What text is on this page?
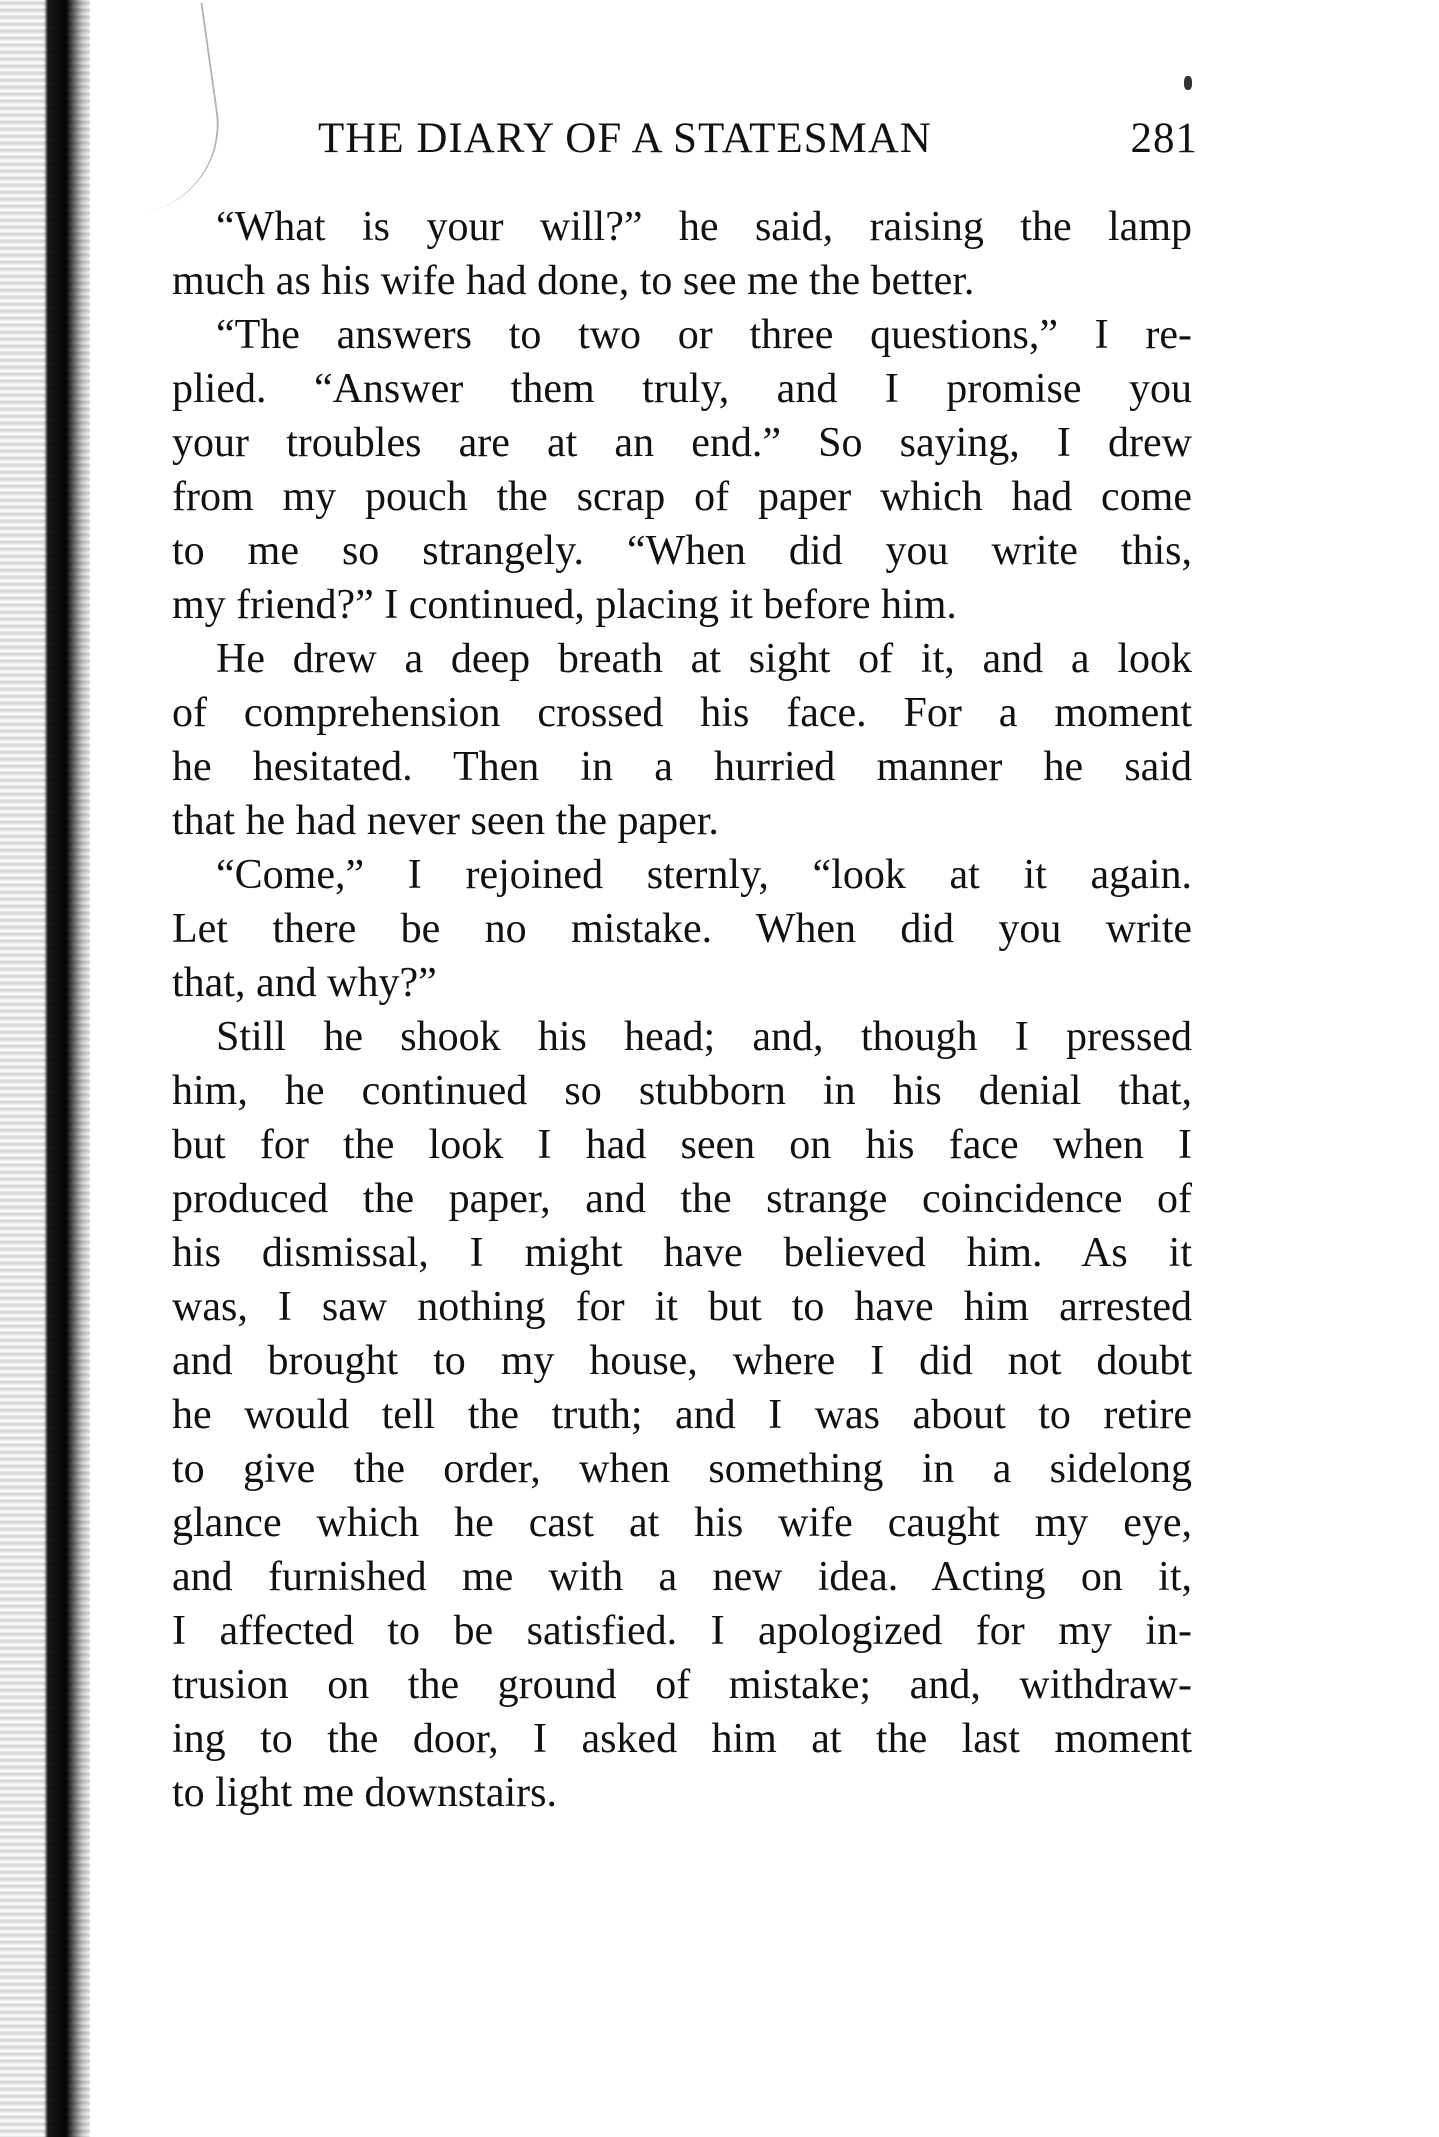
THE DIARY OF A STATESMAN	281
“What is your will?” he said, raising the lamp
much as his wife had done, to see me the better.
“The answers to two or three questions,” I re-
plied. “Answer them truly, and I promise you
your troubles are at an end.” So saying, I drew
from my pouch the scrap of paper which had come
to me so strangely. “When did you write this,
my friend?” I continued, placing it before him.
He drew a deep breath at sight of it, and a look
of comprehension crossed his face. For a moment
he hesitated. Then in a hurried manner he said
that he had never seen the paper.
“Come,” I rejoined sternly, “look at it again.
Let there be no mistake. When did you write
that, and why?”
Still he shook his head; and, though I pressed
him, he continued so stubborn in his denial that,
but for the look I had seen on his face when I
produced the paper, and the strange coincidence of
his dismissal, I might have believed him. As it
was, I saw nothing for it but to have him arrested
and brought to my house, where I did not doubt
he would tell the truth; and I was about to retire
to give the order, when something in a sidelong
glance which he cast at his wife caught my eye,
and furnished me with a new idea. Acting on it,
I affected to be satisfied. I apologized for my in-
trusion on the ground of mistake; and, withdraw-
ing to the door, I asked him at the last moment
to light me downstairs.
